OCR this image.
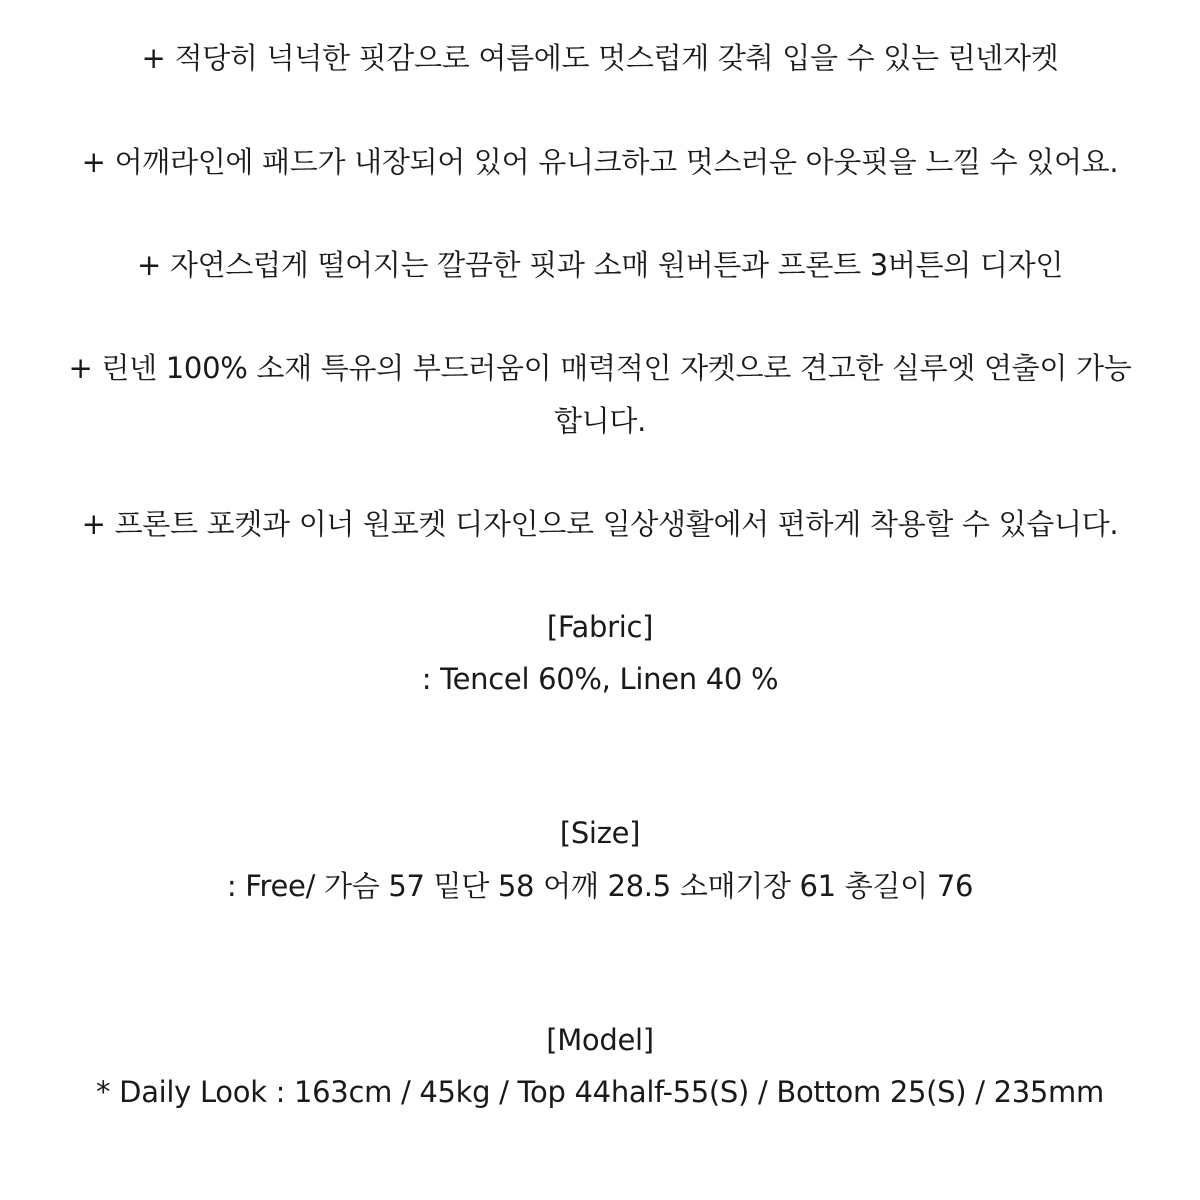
+ 적당히 넉넉한 핏감으로 여름에도 멋스럽게 갖춰 입을 수 있는 린넨자켓
+ 어깨라인에 패드가 내장되어 있어 유니크하고 멋스러운 아웃핏을 느낄 수 있어요.
+ 자연스럽게 떨어지는 깔끔한 핏과 소매 원버튼과 프론트 3버튼의 디자인
+ 린넨 100% 소재 특유의 부드러움이 매력적인 자켓으로 견고한 실루엣 연출이 가능
합니다.
+ 프론트 포켓과 이너 원포켓 디자인으로 일상생활에서 편하게 착용할 수 있습니다.
[Fabric]
: Tencel 60%, Linen 40 %
[Size]
: Free/ 가슴 57 밑단 58 어깨 28.5 소매기장 61 총길이 76
[Model]
* Daily Look : 163cm / 45kg / Top 44half-55(S) / Bottom 25(S) / 235mm
